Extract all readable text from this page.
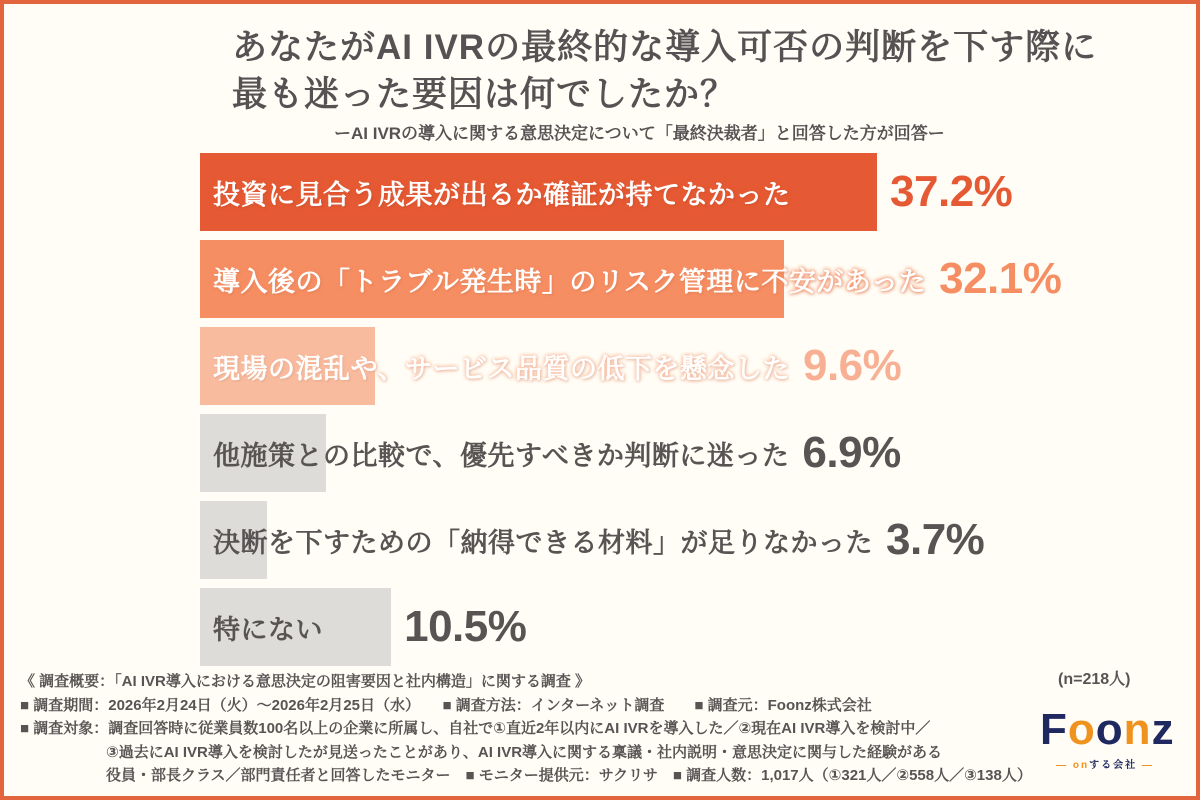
あなたがAI IVRの最終的な導入可否の判断を下す際に
最も迷った要因は何でしたか？
ーAI IVRの導入に関する意思決定について「最終決裁者」と回答した方が回答ー
投資に見合う成果が出るか確証が持てなかった 37.2%
導入後の「トラブル発生時」のリスク管理に不安があった 32.1%
現場の混乱や、サービス品質の低下を懸念した 9.6%
他施策との比較で、優先すべきか判断に迷った 6.9%
決断を下すための「納得できる材料」が足りなかった 3.7%
特にない 10.5%
(n=218人)
《 調査概要：「AI IVR導入における意思決定の阻害要因と社内構造」に関する調査 》
■ 調査期間：2026年2月24日（火）～2026年2月25日（水）　　■ 調査方法：インターネット調査　　■ 調査元：Foonz株式会社
■ 調査対象：調査回答時に従業員数100名以上の企業に所属し、自社で①直近2年以内にAI IVRを導入した／②現在AI IVR導入を検討中／
③過去にAI IVR導入を検討したが見送ったことがあり、AI IVR導入に関する稟議・社内説明・意思決定に関与した経験がある
役員・部長クラス／部門責任者と回答したモニター　■ モニター提供元：サクリサ　■ 調査人数：1,017人（①321人／②558人／③138人）
Foonz
— onする会社 —
